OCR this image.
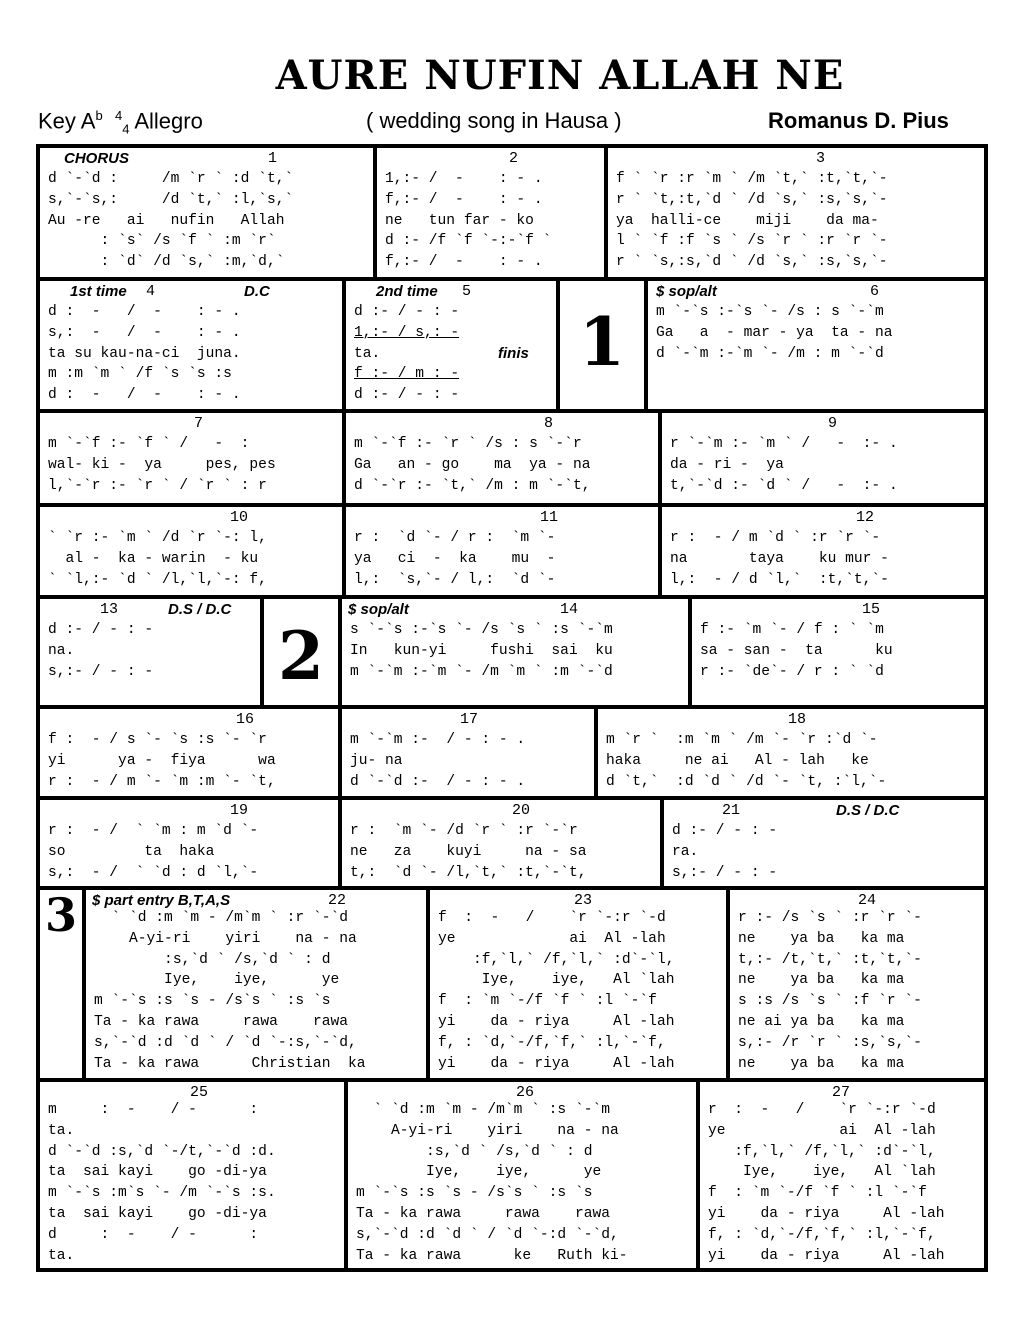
AURE NUFIN ALLAH NE
Key $A^b$ $^4_4$ Allegro	( wedding song in Hausa )	Romanus D. Pius
1
CHORUS
d `-`d :     /m `r ` :d `t,`
s,`-`s,:     /d `t,` :l,`s,`
Au -re   ai   nufin   Allah
: `s` /s `f ` :m `r`
: `d` /d `s,` :m,`d,`
2
1,:- /  -    : - .
f,:- /  -    : - .
ne   tun far - ko
d :- /f `f `-:-`f `
f,:- /  -    : - .
3
f ` `r :r `m ` /m `t,` :t,`t,`-
r ` `t,:t,`d ` /d `s,` :s,`s,`-
ya  halli-ce    miji    da ma-
l ` `f :f `s ` /s `r ` :r `r `-
r ` `s,:s,`d ` /d `s,` :s,`s,`-
4
1st time	D.C
d :  -   /  -    : - .
s,:  -   /  -    : - .
ta su kau-na-ci  juna.
m :m `m ` /f `s `s :s
d :  -   /  -    : - .
5
2nd time
d :- / - : -
1,:- / s,: -
ta.
f :- / m : -
d :- / - : -
finis 1
6
$ sop/alt
m `-`s :-`s `- /s : s `-`m
Ga   a  - mar - ya  ta - na
d `-`m :-`m `- /m : m `-`d
7
m `-`f :- `f ` /   -  :
wal- ki -  ya     pes, pes
l,`-`r :- `r ` / `r ` : r
8
m `-`f :- `r ` /s : s `-`r
Ga   an - go    ma  ya - na
d `-`r :- `t,` /m : m `-`t,
9
r `-`m :- `m ` /   -  :- .
da - ri -  ya
t,`-`d :- `d ` /   -  :- .
10
` `r :- `m ` /d `r `-: l,
al -  ka - warin  - ku
` `l,:- `d ` /l,`l,`-: f,
11
r :  `d `- / r :  `m `-
ya   ci  -  ka    mu  -
l,:  `s,`- / l,:  `d `-
12
r :  - / m `d ` :r `r `-
na       taya    ku mur -
l,:  - / d `l,`  :t,`t,`-
13	D.S / D.C
d :- / - : -
na.
s,:- / - : -	2
14
$ sop/alt
s `-`s :-`s `- /s `s ` :s `-`m
In   kun-yi     fushi  sai  ku
m `-`m :-`m `- /m `m ` :m `-`d
15
f :- `m `- / f : ` `m
sa - san -  ta      ku
r :- `de`- / r : ` `d
16
f :  - / s `- `s :s `- `r
yi      ya -  fiya      wa
r :  - / m `- `m :m `- `t,
17
m `-`m :-  / - : - .
ju- na
d `-`d :-  / - : - .
18
m `r `  :m `m ` /m `- `r :`d `-
haka     ne ai   Al - lah   ke
d `t,`  :d `d ` /d `- `t, :`l,`-
19
r :  - /  ` `m : m `d `-
so         ta  haka
s,:  - /  ` `d : d `l,`-
20
r :  `m `- /d `r ` :r `-`r
ne   za    kuyi     na - sa
t,:  `d `- /l,`t,` :t,`-`t,
21	D.S / D.C
d :- / - : -
ra.
s,:- / - : -
3	22
$ part entry B,T,A,S
` `d :m `m - /m`m ` :r `-`d
A-yi-ri    yiri    na - na
:s,`d ` /s,`d ` : d
Iye,    iye,      ye
m `-`s :s `s - /s`s ` :s `s
Ta - ka rawa     rawa    rawa
s,`-`d :d `d ` / `d `-:s,`-`d,
Ta - ka rawa      Christian  ka
23
f  :  -   /    `r `-:r `-d
ye             ai  Al -lah
:f,`l,` /f,`l,` :d`-`l,
Iye,    iye,   Al `lah
f  : `m `-/f `f ` :l `-`f
yi    da - riya     Al -lah
f, : `d,`-/f,`f,` :l,`-`f,
yi    da - riya     Al -lah
24
r :- /s `s ` :r `r `-
ne    ya ba   ka ma
t,:- /t,`t,` :t,`t,`-
ne    ya ba   ka ma
s :s /s `s ` :f `r `-
ne ai ya ba   ka ma
s,:- /r `r ` :s,`s,`-
ne    ya ba   ka ma
25
m     :  -    / -      :
ta.
d `-`d :s,`d `-/t,`-`d :d.
ta  sai kayi    go -di-ya
m `-`s :m`s `- /m `-`s :s.
ta  sai kayi    go -di-ya
d     :  -    / -      :
ta.
26
` `d :m `m - /m`m ` :s `-`m
A-yi-ri    yiri    na - na
:s,`d ` /s,`d ` : d
Iye,    iye,      ye
m `-`s :s `s - /s`s ` :s `s
Ta - ka rawa     rawa    rawa
s,`-`d :d `d ` / `d `-:d `-`d,
Ta - ka rawa      ke   Ruth ki-
27
r  :  -   /    `r `-:r `-d
ye             ai  Al -lah
:f,`l,` /f,`l,` :d`-`l,
Iye,    iye,   Al `lah
f  : `m `-/f `f ` :l `-`f
yi    da - riya     Al -lah
f, : `d,`-/f,`f,` :l,`-`f,
yi    da - riya     Al -lah
